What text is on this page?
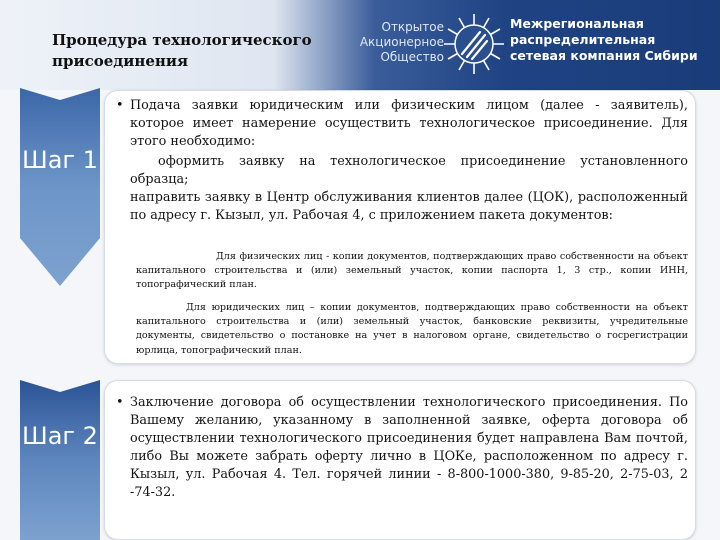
Процедура технологического присоединения
Открытое Акционерное Общество
Межрегиональная распределительная сетевая компания Сибири
Шаг 1
Шаг 2
• Подача заявки юридическим или физическим лицом (далее - заявитель), которое имеет намерение осуществить технологическое присоединение. Для этого необходимо:
оформить заявку на технологическое присоединение установленного образца;
направить заявку в Центр обслуживания клиентов далее (ЦОК), расположенный по адресу г. Кызыл, ул. Рабочая 4, с приложением пакета документов:
Для физических лиц - копии документов, подтверждающих право собственности на объект капитального строительства и (или) земельный участок, копии паспорта 1, 3 стр., копии ИНН, топографический план.
Для юридических лиц – копии документов, подтверждающих право собственности на объект капитального строительства и (или) земельный участок, банковские реквизиты, учредительные документы, свидетельство о постановке на учет в налоговом органе, свидетельство о госрегистрации юрлица, топографический план.
• Заключение договора об осуществлении технологического присоединения. По Вашему желанию, указанному в заполненной заявке, оферта договора об осуществлении технологического присоединения будет направлена Вам почтой, либо Вы можете забрать оферту лично в ЦОКе, расположенном по адресу г. Кызыл, ул. Рабочая 4. Тел. горячей линии - 8-800-1000-380, 9-85-20, 2-75-03, 2 -74-32.
